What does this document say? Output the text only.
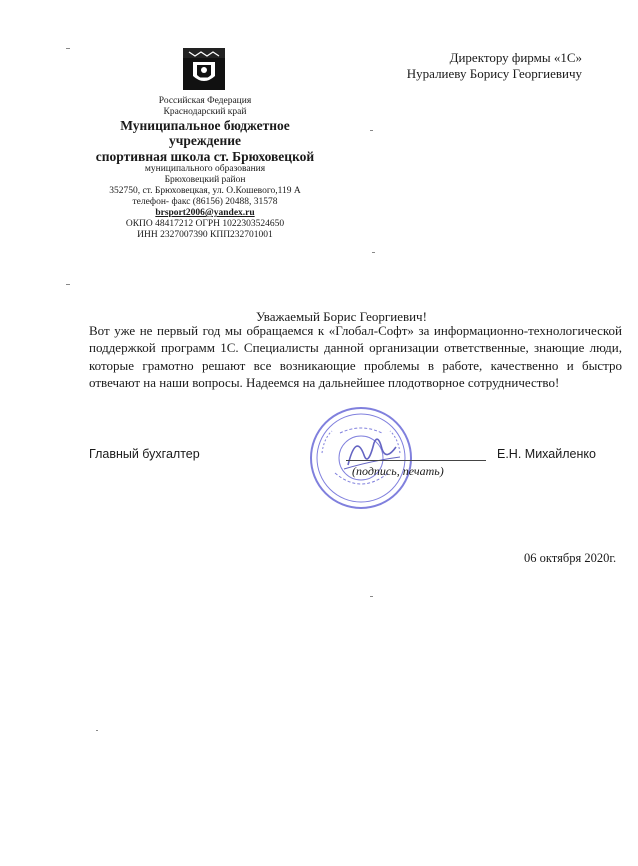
Российская Федерация
Краснодарский край
Муниципальное бюджетное
учреждение
спортивная школа ст. Брюховецкой
муниципального образования
Брюховецкий район
352750, ст. Брюховецкая, ул. О.Кошевого,119 А
телефон- факс (86156) 20488, 31578
brsport2006@yandex.ru
ОКПО 48417212 ОГРН 1022303524650
ИНН 2327007390 КПП232701001
Директору фирмы «1С»
Нуралиеву Борису Георгиевичу
Уважаемый Борис Георгиевич!
Вот уже не первый год мы обращаемся к «Глобал-Софт» за информационно-технологической поддержкой программ 1С. Специалисты данной организации ответственные, знающие люди, которые грамотно решают все возникающие проблемы в работе, качественно и быстро отвечают на наши вопросы. Надеемся на дальнейшее плодотворное сотрудничество!
Главный бухгалтер
(подпись, печать)
Е.Н. Михайленко
06 октября 2020г.
